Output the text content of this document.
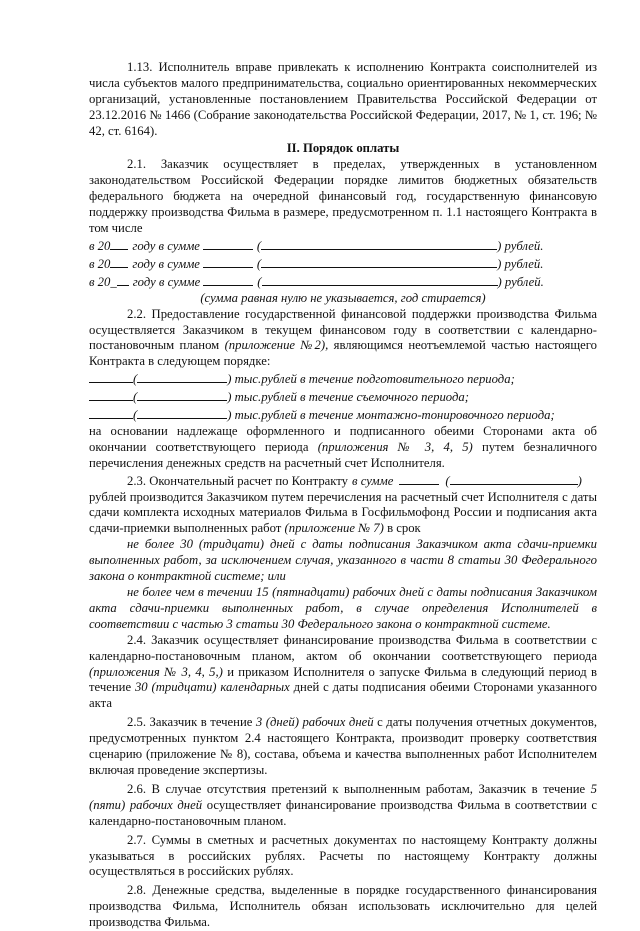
1.13. Исполнитель вправе привлекать к исполнению Контракта соисполнителей из числа субъектов малого предпринимательства, социально ориентированных некоммерческих организаций, установленные постановлением Правительства Российской Федерации от 23.12.2016 № 1466 (Собрание законодательства Российской Федерации, 2017, № 1, ст. 196; № 42, ст. 6164).

II. Порядок оплаты

2.1. Заказчик осуществляет в пределах, утвержденных в установленном законодательством Российской Федерации порядке лимитов бюджетных обязательств федерального бюджета на очередной финансовый год, государственную финансовую поддержку производства Фильма в размере, предусмотренном п. 1.1 настоящего Контракта в том числе

в 20 году в сумме	(	) рублей.
в 20 году в сумме	(	) рублей.
в 20_ году в сумме	(	) рублей.

(сумма равная нулю не указывается, год стирается)

2.2. Предоставление государственной финансовой поддержки производства Фильма осуществляется Заказчиком в текущем финансовом году в соответствии с календарно-постановочным планом (приложение №2), являющимся неотъемлемой частью настоящего Контракта в следующем порядке:

(	) тыс.рублей в течение подготовительного периода;
(	) тыс.рублей в течение съемочного периода;
(	) тыс.рублей в течение монтажно-тонировочного периода;

на основании надлежаще оформленного и подписанного обеими Сторонами акта об окончании соответствующего периода (приложения № 3, 4, 5) путем безналичного перечисления денежных средств на расчетный счет Исполнителя.

2.3. Окончательный расчет по Контракту в сумме	(	)

рублей производится Заказчиком путем перечисления на расчетный счет Исполнителя с даты сдачи комплекта исходных материалов Фильма в Госфильмофонд России и подписания акта сдачи-приемки выполненных работ (приложение № 7) в срок

не более 30 (тридцати) дней с даты подписания Заказчиком акта сдачи-приемки выполненных работ, за исключением случая, указанного в части 8 статьи 30 Федерального закона о контрактной системе; или

не более чем в течении 15 (пятнадцати) рабочих дней с даты подписания Заказчиком акта сдачи-приемки выполненных работ, в случае определения Исполнителей в соответствии с частью 3 статьи 30 Федерального закона о контрактной системе.

2.4. Заказчик осуществляет финансирование производства Фильма в соответствии с календарно-постановочным планом, актом об окончании соответствующего периода (приложения № 3, 4, 5,) и приказом Исполнителя о запуске Фильма в следующий период в течение 30 (тридцати) календарных дней с даты подписания обеими Сторонами указанного акта

2.5. Заказчик в течение 3 (дней) рабочих дней с даты получения отчетных документов, предусмотренных пунктом 2.4 настоящего Контракта, производит проверку соответствия сценарию (приложение № 8), состава, объема и качества выполненных работ Исполнителем включая проведение экспертизы.

2.6. В случае отсутствия претензий к выполненным работам, Заказчик в течение 5 (пяти) рабочих дней осуществляет финансирование производства Фильма в соответствии с календарно-постановочным планом.

2.7. Суммы в сметных и расчетных документах по настоящему Контракту должны указываться в российских рублях. Расчеты по настоящему Контракту должны осуществляться в российских рублях.

2.8. Денежные средства, выделенные в порядке государственного финансирования производства Фильма, Исполнитель обязан использовать исключительно для целей производства Фильма.
